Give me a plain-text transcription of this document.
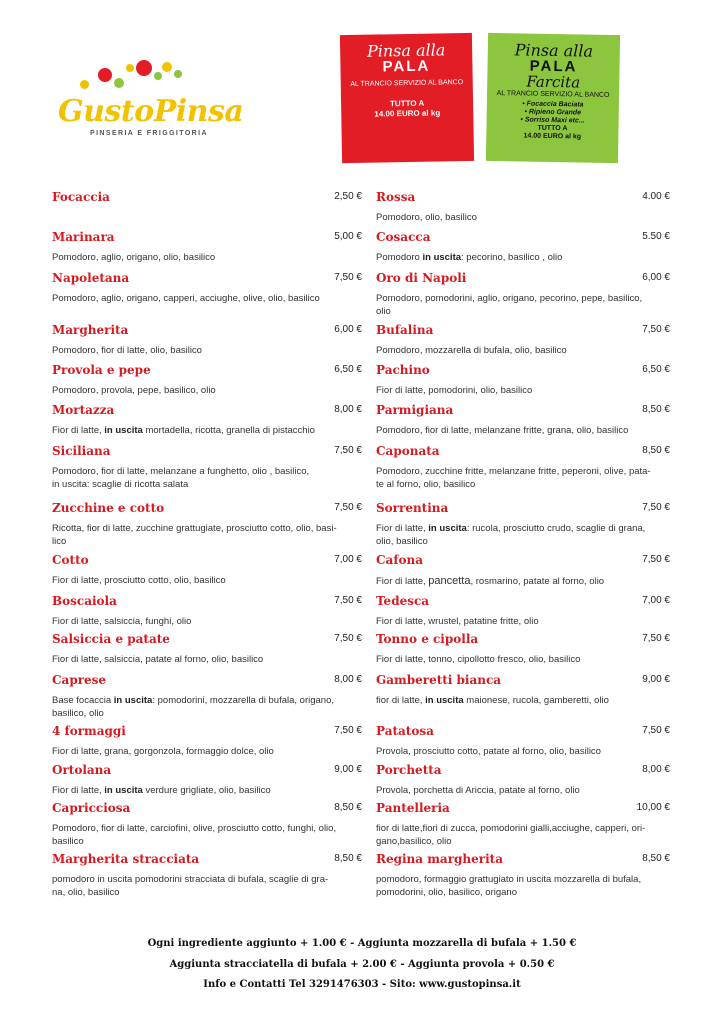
GustoPinsa
PINSERIA E FRIGGITORIA
Pinsa alla
PALA
AL TRANCIO SERVIZIO AL BANCO
TUTTO A
14.00 EURO al kg
Pinsa alla
PALA
Farcita
AL TRANCIO SERVIZIO AL BANCO
• Focaccia Baciata
• Ripieno Grande
• Sorriso Maxi etc...
TUTTO A
14.00 EURO al kg
Focaccia	2,50 €
Marinara	5,00 €
Pomodoro, aglio, origano, olio, basilico
Napoletana	7,50 €
Pomodoro, aglio, origano, capperi, acciughe, olive, olio, basilico
Margherita	6,00 €
Pomodoro, fior di latte, olio, basilico
Provola e pepe	6,50 €
Pomodoro, provola, pepe, basilico, olio
Mortazza	8,00 €
Fior di latte, in uscita mortadella, ricotta, granella di pistacchio
Siciliana	7,50 €
Pomodoro, fior di latte, melanzane a funghetto, olio , basilico,
in uscita: scaglie di ricotta salata
Zucchine e cotto	7,50 €
Ricotta, fior di latte, zucchine grattugiate, prosciutto cotto, olio, basi-
lico
Cotto	7,00 €
Fior di latte, prosciutto cotto, olio, basilico
Boscaiola	7,50 €
Fior di latte, salsiccia, funghi, olio
Salsiccia e patate	7,50 €
Fior di latte, salsiccia, patate al forno, olio, basilico
Caprese	8,00 €
Base focaccia in uscita: pomodorini, mozzarella di bufala, origano,
basilico, olio
4 formaggi	7,50 €
Fior di latte, grana, gorgonzola, formaggio dolce, olio
Ortolana	9,00 €
Fior di latte, in uscita verdure grigliate, olio, basilico
Capricciosa	8,50 €
Pomodoro, fior di latte, carciofini, olive, prosciutto cotto, funghi, olio,
basilico
Margherita stracciata	8,50 €
pomodoro in uscita pomodorini stracciata di bufala, scaglie di gra-
na, olio, basilico
Rossa	4.00 €
Pomodoro, olio, basilico
Cosacca	5.50 €
Pomodoro in uscita: pecorino, basilico , olio
Oro di Napoli	6,00 €
Pomodoro, pomodorini, aglio, origano, pecorino, pepe, basilico,
olio
Bufalina	7,50 €
Pomodoro, mozzarella di bufala, olio, basilico
Pachino	6,50 €
Fior di latte, pomodorini, olio, basilico
Parmigiana	8,50 €
Pomodoro, fior di latte, melanzane fritte, grana, olio, basilico
Caponata	8,50 €
Pomodoro, zucchine fritte, melanzane fritte, peperoni, olive, pata-
te al forno, olio, basilico
Sorrentina	7,50 €
Fior di latte, in uscita: rucola, prosciutto crudo, scaglie di grana,
olio, basilico
Cafona	7,50 €
Fior di latte, pancetta, rosmarino, patate al forno, olio
Tedesca	7,00 €
Fior di latte, wrustel, patatine fritte, olio
Tonno e cipolla	7,50 €
Fior di latte, tonno, cipollotto fresco, olio, basilico
Gamberetti bianca	9,00 €
fior di latte, in uscita maionese, rucola, gamberetti, olio
Patatosa	7,50 €
Provola, prosciutto cotto, patate al forno, olio, basilico
Porchetta	8,00 €
Provola, porchetta di Ariccia, patate al forno, olio
Pantelleria	10,00 €
fior di latte,fiori di zucca, pomodorini gialli,acciughe, capperi, ori-
gano,basilico, olio
Regina margherita	8,50 €
pomodoro, formaggio grattugiato in uscita mozzarella di bufala,
pomodorini, olio, basilico, origano
Ogni ingrediente aggiunto + 1.00 € - Aggiunta mozzarella di bufala + 1.50 €
Aggiunta stracciatella di bufala + 2.00 € - Aggiunta provola + 0.50 €
Info e Contatti Tel 3291476303 - Sito: www.gustopinsa.it
